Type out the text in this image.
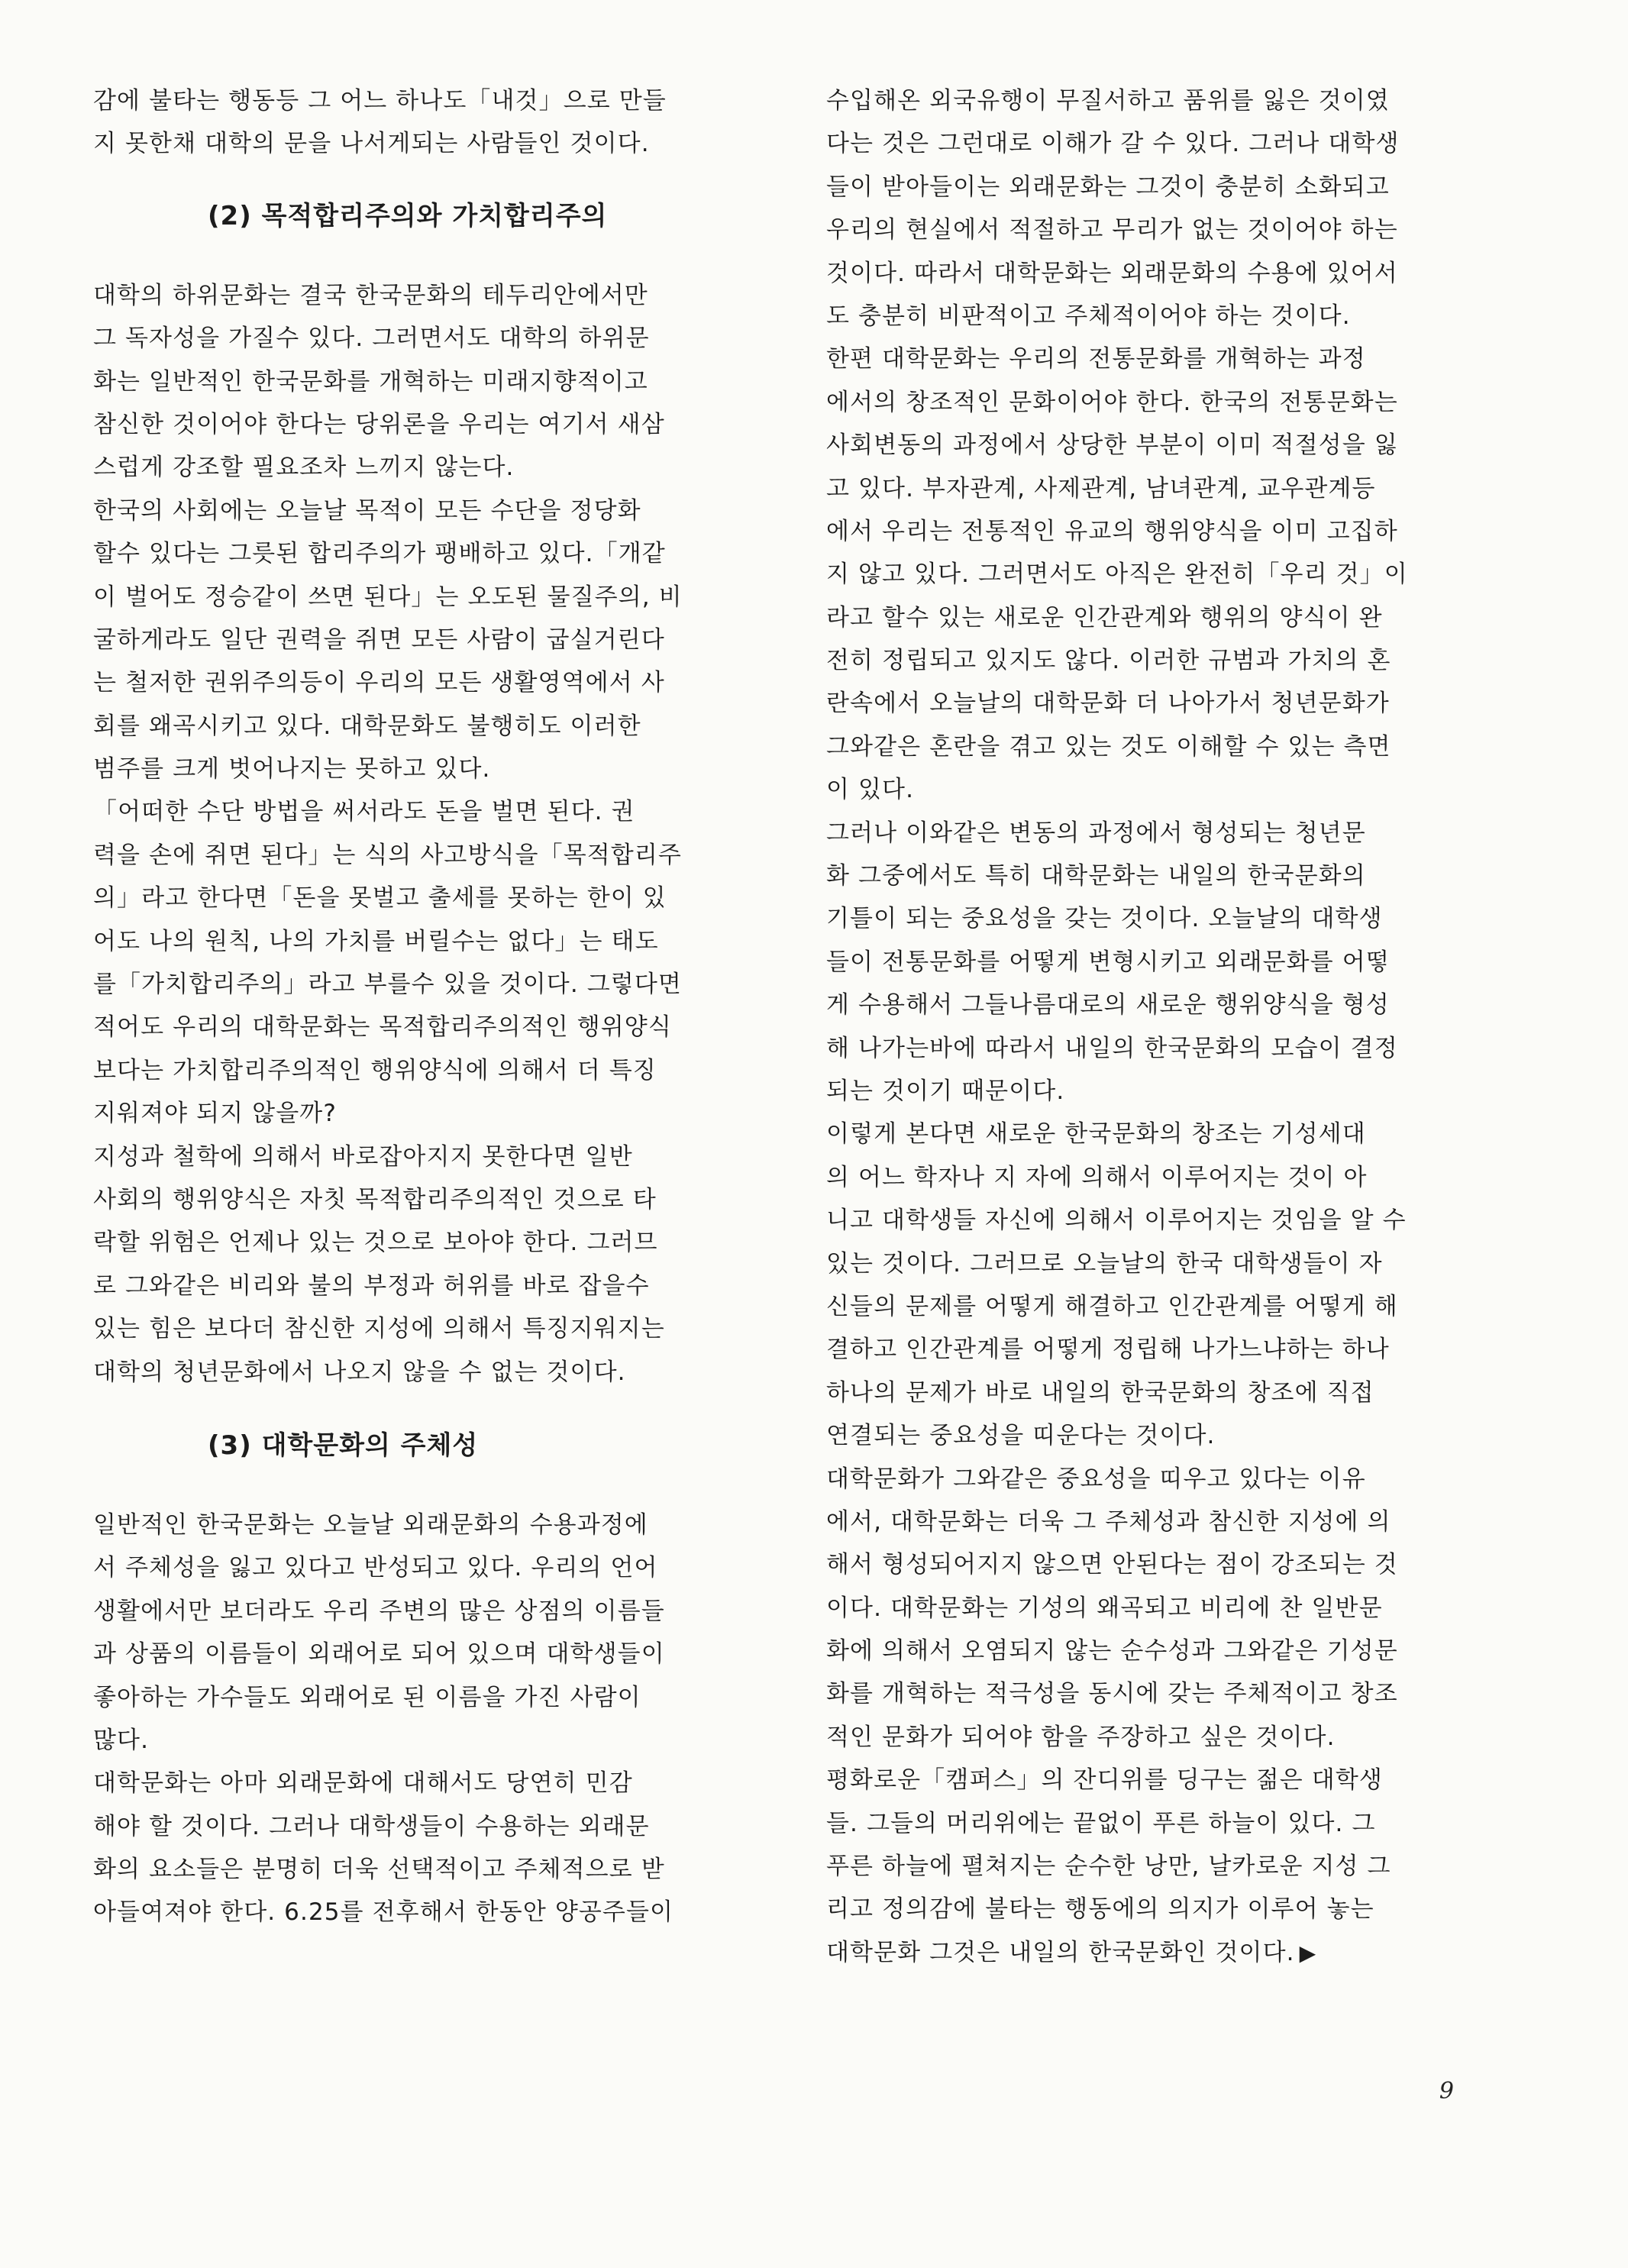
감에 불타는 행동등 그 어느 하나도「내것」으로 만들
지 못한채 대학의 문을 나서게되는 사람들인 것이다.
(2) 목적합리주의와 가치합리주의
대학의 하위문화는 결국 한국문화의 테두리안에서만
그 독자성을 가질수 있다. 그러면서도 대학의 하위문
화는 일반적인 한국문화를 개혁하는 미래지향적이고
참신한 것이어야 한다는 당위론을 우리는 여기서 새삼
스럽게 강조할 필요조차 느끼지 않는다.
한국의 사회에는 오늘날 목적이 모든 수단을 정당화
할수 있다는 그릇된 합리주의가 팽배하고 있다.「개같
이 벌어도 정승같이 쓰면 된다」는 오도된 물질주의, 비
굴하게라도 일단 권력을 쥐면 모든 사람이 굽실거린다
는 철저한 권위주의등이 우리의 모든 생활영역에서 사
회를 왜곡시키고 있다. 대학문화도 불행히도 이러한
범주를 크게 벗어나지는 못하고 있다.
「어떠한 수단 방법을 써서라도 돈을 벌면 된다. 권
력을 손에 쥐면 된다」는 식의 사고방식을「목적합리주
의」라고 한다면「돈을 못벌고 출세를 못하는 한이 있
어도 나의 원칙, 나의 가치를 버릴수는 없다」는 태도
를「가치합리주의」라고 부를수 있을 것이다. 그렇다면
적어도 우리의 대학문화는 목적합리주의적인 행위양식
보다는 가치합리주의적인 행위양식에 의해서 더 특징
지워져야 되지 않을까?
지성과 철학에 의해서 바로잡아지지 못한다면 일반
사회의 행위양식은 자칫 목적합리주의적인 것으로 타
락할 위험은 언제나 있는 것으로 보아야 한다. 그러므
로 그와같은 비리와 불의 부정과 허위를 바로 잡을수
있는 힘은 보다더 참신한 지성에 의해서 특징지워지는
대학의 청년문화에서 나오지 않을 수 없는 것이다.
(3) 대학문화의 주체성
일반적인 한국문화는 오늘날 외래문화의 수용과정에
서 주체성을 잃고 있다고 반성되고 있다. 우리의 언어
생활에서만 보더라도 우리 주변의 많은 상점의 이름들
과 상품의 이름들이 외래어로 되어 있으며 대학생들이
좋아하는 가수들도 외래어로 된 이름을 가진 사람이
많다.
대학문화는 아마 외래문화에 대해서도 당연히 민감
해야 할 것이다. 그러나 대학생들이 수용하는 외래문
화의 요소들은 분명히 더욱 선택적이고 주체적으로 받
아들여져야 한다. 6.25를 전후해서 한동안 양공주들이
수입해온 외국유행이 무질서하고 품위를 잃은 것이였
다는 것은 그런대로 이해가 갈 수 있다. 그러나 대학생
들이 받아들이는 외래문화는 그것이 충분히 소화되고
우리의 현실에서 적절하고 무리가 없는 것이어야 하는
것이다. 따라서 대학문화는 외래문화의 수용에 있어서
도 충분히 비판적이고 주체적이어야 하는 것이다.
한편 대학문화는 우리의 전통문화를 개혁하는 과정
에서의 창조적인 문화이어야 한다. 한국의 전통문화는
사회변동의 과정에서 상당한 부분이 이미 적절성을 잃
고 있다. 부자관계, 사제관계, 남녀관계, 교우관계등
에서 우리는 전통적인 유교의 행위양식을 이미 고집하
지 않고 있다. 그러면서도 아직은 완전히「우리 것」이
라고 할수 있는 새로운 인간관계와 행위의 양식이 완
전히 정립되고 있지도 않다. 이러한 규범과 가치의 혼
란속에서 오늘날의 대학문화 더 나아가서 청년문화가
그와같은 혼란을 겪고 있는 것도 이해할 수 있는 측면
이 있다.
그러나 이와같은 변동의 과정에서 형성되는 청년문
화 그중에서도 특히 대학문화는 내일의 한국문화의
기틀이 되는 중요성을 갖는 것이다. 오늘날의 대학생
들이 전통문화를 어떻게 변형시키고 외래문화를 어떻
게 수용해서 그들나름대로의 새로운 행위양식을 형성
해 나가는바에 따라서 내일의 한국문화의 모습이 결정
되는 것이기 때문이다.
이렇게 본다면 새로운 한국문화의 창조는 기성세대
의 어느 학자나 지 자에 의해서 이루어지는 것이 아
니고 대학생들 자신에 의해서 이루어지는 것임을 알 수
있는 것이다. 그러므로 오늘날의 한국 대학생들이 자
신들의 문제를 어떻게 해결하고 인간관계를 어떻게 해
결하고 인간관계를 어떻게 정립해 나가느냐하는 하나
하나의 문제가 바로 내일의 한국문화의 창조에 직접
연결되는 중요성을 띠운다는 것이다.
대학문화가 그와같은 중요성을 띠우고 있다는 이유
에서, 대학문화는 더욱 그 주체성과 참신한 지성에 의
해서 형성되어지지 않으면 안된다는 점이 강조되는 것
이다. 대학문화는 기성의 왜곡되고 비리에 찬 일반문
화에 의해서 오염되지 않는 순수성과 그와같은 기성문
화를 개혁하는 적극성을 동시에 갖는 주체적이고 창조
적인 문화가 되어야 함을 주장하고 싶은 것이다.
평화로운「캠퍼스」의 잔디위를 딩구는 젊은 대학생
들. 그들의 머리위에는 끝없이 푸른 하늘이 있다. 그
푸른 하늘에 펼쳐지는 순수한 낭만, 날카로운 지성 그
리고 정의감에 불타는 행동에의 의지가 이루어 놓는
대학문화 그것은 내일의 한국문화인 것이다. ▶
9
